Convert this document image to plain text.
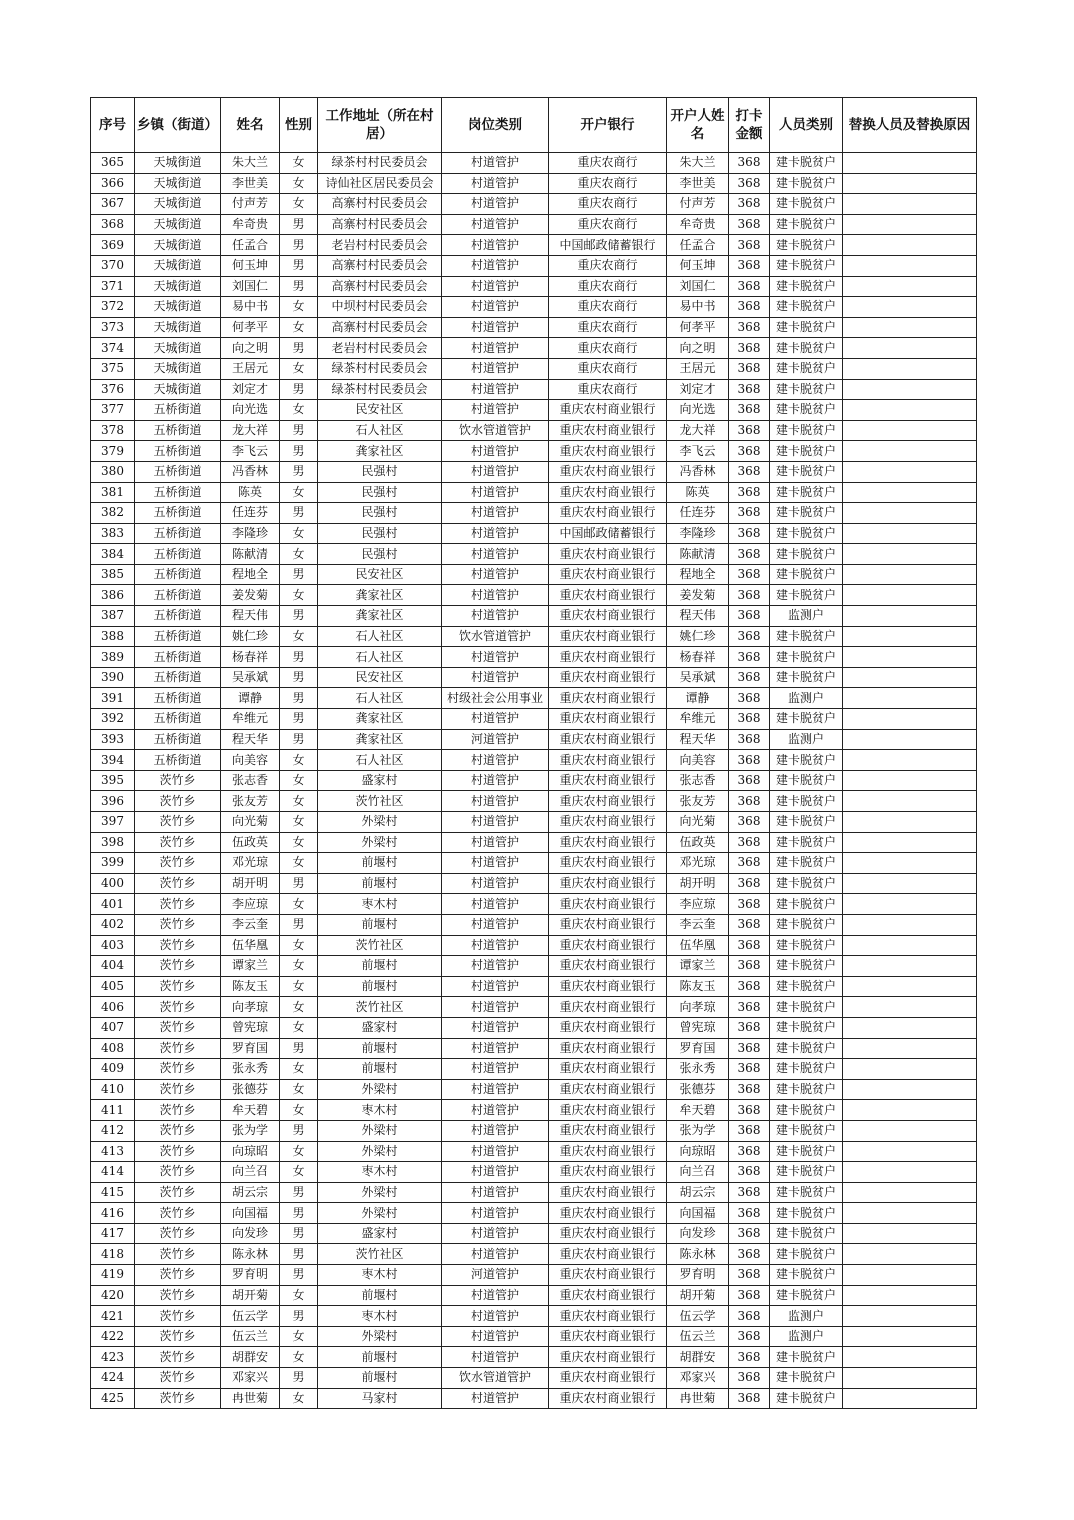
序号	乡镇（街道）	姓名	性别	工作地址（所在村居）	岗位类别	开户银行	开户人姓名	打卡金额	人员类别	替换人员及替换原因
365	天城街道	朱大兰	女	绿茶村村民委员会	村道管护	重庆农商行	朱大兰	368	建卡脱贫户	
366	天城街道	李世美	女	诗仙社区居民委员会	村道管护	重庆农商行	李世美	368	建卡脱贫户	
367	天城街道	付声芳	女	高寨村村民委员会	村道管护	重庆农商行	付声芳	368	建卡脱贫户	
368	天城街道	牟奇贵	男	高寨村村民委员会	村道管护	重庆农商行	牟奇贵	368	建卡脱贫户	
369	天城街道	任孟合	男	老岩村村民委员会	村道管护	中国邮政储蓄银行	任孟合	368	建卡脱贫户	
370	天城街道	何玉坤	男	高寨村村民委员会	村道管护	重庆农商行	何玉坤	368	建卡脱贫户	
371	天城街道	刘国仁	男	高寨村村民委员会	村道管护	重庆农商行	刘国仁	368	建卡脱贫户	
372	天城街道	易中书	女	中坝村村民委员会	村道管护	重庆农商行	易中书	368	建卡脱贫户	
373	天城街道	何孝平	女	高寨村村民委员会	村道管护	重庆农商行	何孝平	368	建卡脱贫户	
374	天城街道	向之明	男	老岩村村民委员会	村道管护	重庆农商行	向之明	368	建卡脱贫户	
375	天城街道	王居元	女	绿茶村村民委员会	村道管护	重庆农商行	王居元	368	建卡脱贫户	
376	天城街道	刘定才	男	绿茶村村民委员会	村道管护	重庆农商行	刘定才	368	建卡脱贫户	
377	五桥街道	向光选	女	民安社区	村道管护	重庆农村商业银行	向光选	368	建卡脱贫户	
378	五桥街道	龙大祥	男	石人社区	饮水管道管护	重庆农村商业银行	龙大祥	368	建卡脱贫户	
379	五桥街道	李飞云	男	龚家社区	村道管护	重庆农村商业银行	李飞云	368	建卡脱贫户	
380	五桥街道	冯香林	男	民强村	村道管护	重庆农村商业银行	冯香林	368	建卡脱贫户	
381	五桥街道	陈英	女	民强村	村道管护	重庆农村商业银行	陈英	368	建卡脱贫户	
382	五桥街道	任连芬	男	民强村	村道管护	重庆农村商业银行	任连芬	368	建卡脱贫户	
383	五桥街道	李隆珍	女	民强村	村道管护	中国邮政储蓄银行	李隆珍	368	建卡脱贫户	
384	五桥街道	陈献清	女	民强村	村道管护	重庆农村商业银行	陈献清	368	建卡脱贫户	
385	五桥街道	程地全	男	民安社区	村道管护	重庆农村商业银行	程地全	368	建卡脱贫户	
386	五桥街道	姜发菊	女	龚家社区	村道管护	重庆农村商业银行	姜发菊	368	建卡脱贫户	
387	五桥街道	程天伟	男	龚家社区	村道管护	重庆农村商业银行	程天伟	368	监测户	
388	五桥街道	姚仁珍	女	石人社区	饮水管道管护	重庆农村商业银行	姚仁珍	368	建卡脱贫户	
389	五桥街道	杨春祥	男	石人社区	村道管护	重庆农村商业银行	杨春祥	368	建卡脱贫户	
390	五桥街道	吴承斌	男	民安社区	村道管护	重庆农村商业银行	吴承斌	368	建卡脱贫户	
391	五桥街道	谭静	男	石人社区	村级社会公用事业	重庆农村商业银行	谭静	368	监测户	
392	五桥街道	牟维元	男	龚家社区	村道管护	重庆农村商业银行	牟维元	368	建卡脱贫户	
393	五桥街道	程天华	男	龚家社区	河道管护	重庆农村商业银行	程天华	368	监测户	
394	五桥街道	向美容	女	石人社区	村道管护	重庆农村商业银行	向美容	368	建卡脱贫户	
395	茨竹乡	张志香	女	盛家村	村道管护	重庆农村商业银行	张志香	368	建卡脱贫户	
396	茨竹乡	张友芳	女	茨竹社区	村道管护	重庆农村商业银行	张友芳	368	建卡脱贫户	
397	茨竹乡	向光菊	女	外梁村	村道管护	重庆农村商业银行	向光菊	368	建卡脱贫户	
398	茨竹乡	伍政英	女	外梁村	村道管护	重庆农村商业银行	伍政英	368	建卡脱贫户	
399	茨竹乡	邓光琼	女	前堰村	村道管护	重庆农村商业银行	邓光琼	368	建卡脱贫户	
400	茨竹乡	胡开明	男	前堰村	村道管护	重庆农村商业银行	胡开明	368	建卡脱贫户	
401	茨竹乡	李应琼	女	枣木村	村道管护	重庆农村商业银行	李应琼	368	建卡脱贫户	
402	茨竹乡	李云奎	男	前堰村	村道管护	重庆农村商业银行	李云奎	368	建卡脱贫户	
403	茨竹乡	伍华凰	女	茨竹社区	村道管护	重庆农村商业银行	伍华凰	368	建卡脱贫户	
404	茨竹乡	谭家兰	女	前堰村	村道管护	重庆农村商业银行	谭家兰	368	建卡脱贫户	
405	茨竹乡	陈友玉	女	前堰村	村道管护	重庆农村商业银行	陈友玉	368	建卡脱贫户	
406	茨竹乡	向孝琼	女	茨竹社区	村道管护	重庆农村商业银行	向孝琼	368	建卡脱贫户	
407	茨竹乡	曾宪琼	女	盛家村	村道管护	重庆农村商业银行	曾宪琼	368	建卡脱贫户	
408	茨竹乡	罗育国	男	前堰村	村道管护	重庆农村商业银行	罗育国	368	建卡脱贫户	
409	茨竹乡	张永秀	女	前堰村	村道管护	重庆农村商业银行	张永秀	368	建卡脱贫户	
410	茨竹乡	张德芬	女	外梁村	村道管护	重庆农村商业银行	张德芬	368	建卡脱贫户	
411	茨竹乡	牟天碧	女	枣木村	村道管护	重庆农村商业银行	牟天碧	368	建卡脱贫户	
412	茨竹乡	张为学	男	外梁村	村道管护	重庆农村商业银行	张为学	368	建卡脱贫户	
413	茨竹乡	向琼昭	女	外梁村	村道管护	重庆农村商业银行	向琼昭	368	建卡脱贫户	
414	茨竹乡	向兰召	女	枣木村	村道管护	重庆农村商业银行	向兰召	368	建卡脱贫户	
415	茨竹乡	胡云宗	男	外梁村	村道管护	重庆农村商业银行	胡云宗	368	建卡脱贫户	
416	茨竹乡	向国福	男	外梁村	村道管护	重庆农村商业银行	向国福	368	建卡脱贫户	
417	茨竹乡	向发珍	男	盛家村	村道管护	重庆农村商业银行	向发珍	368	建卡脱贫户	
418	茨竹乡	陈永林	男	茨竹社区	村道管护	重庆农村商业银行	陈永林	368	建卡脱贫户	
419	茨竹乡	罗育明	男	枣木村	河道管护	重庆农村商业银行	罗育明	368	建卡脱贫户	
420	茨竹乡	胡开菊	女	前堰村	村道管护	重庆农村商业银行	胡开菊	368	建卡脱贫户	
421	茨竹乡	伍云学	男	枣木村	村道管护	重庆农村商业银行	伍云学	368	监测户	
422	茨竹乡	伍云兰	女	外梁村	村道管护	重庆农村商业银行	伍云兰	368	监测户	
423	茨竹乡	胡群安	女	前堰村	村道管护	重庆农村商业银行	胡群安	368	建卡脱贫户	
424	茨竹乡	邓家兴	男	前堰村	饮水管道管护	重庆农村商业银行	邓家兴	368	建卡脱贫户	
425	茨竹乡	冉世菊	女	马家村	村道管护	重庆农村商业银行	冉世菊	368	建卡脱贫户	
